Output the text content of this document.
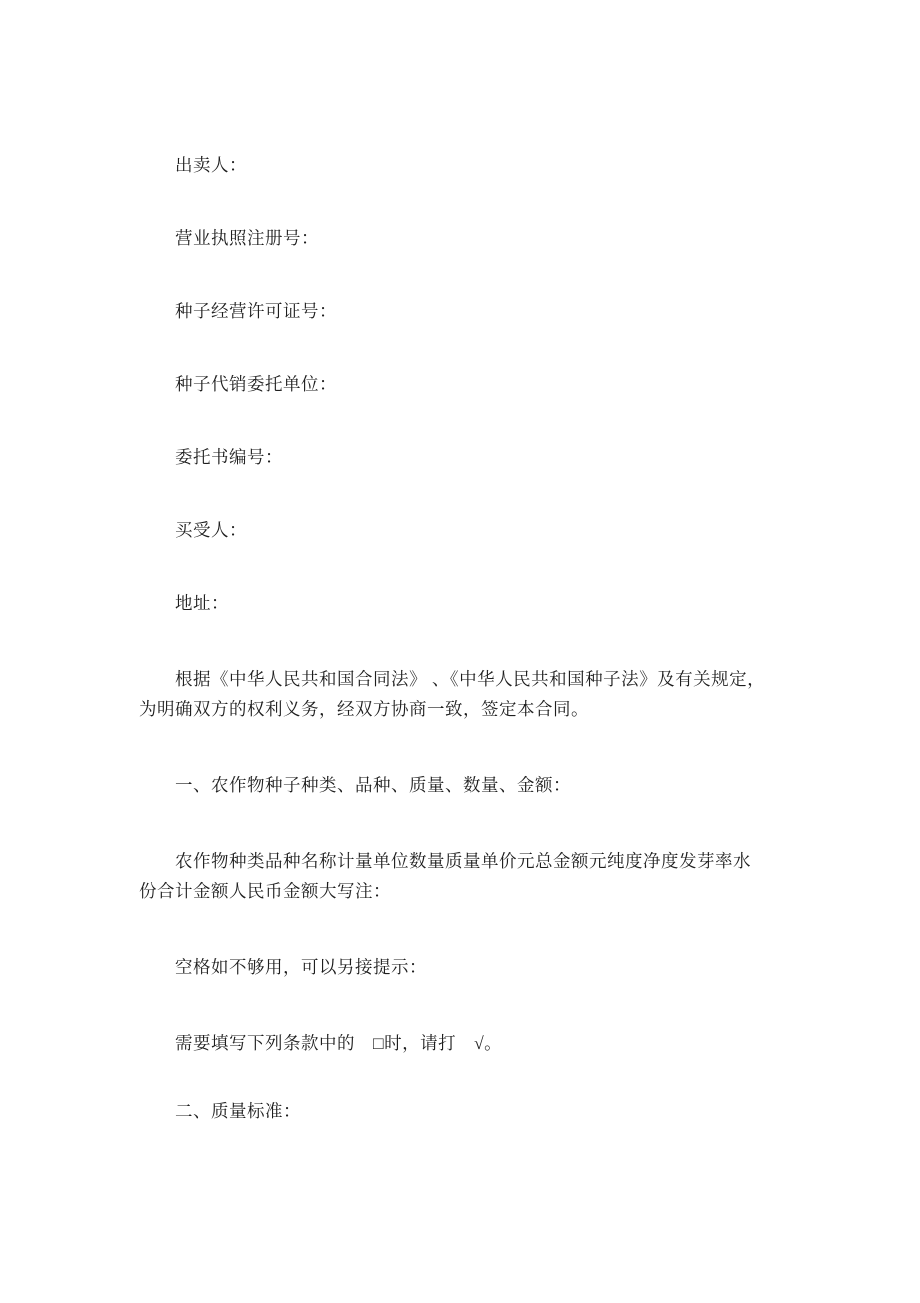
出卖人：
营业执照注册号：
种子经营许可证号：
种子代销委托单位：
委托书编号：
买受人：
地址：
根据《中华人民共和国合同法》 、《中华人民共和国种子法》及有关规定，
为明确双方的权利义务，经双方协商一致，签定本合同。
一、农作物种子种类、品种、质量、数量、金额：
农作物种类品种名称计量单位数量质量单价元总金额元纯度净度发芽率水
份合计金额人民币金额大写注：
空格如不够用，可以另接提示：
需要填写下列条款中的　□时，请打　√。
二、质量标准：
